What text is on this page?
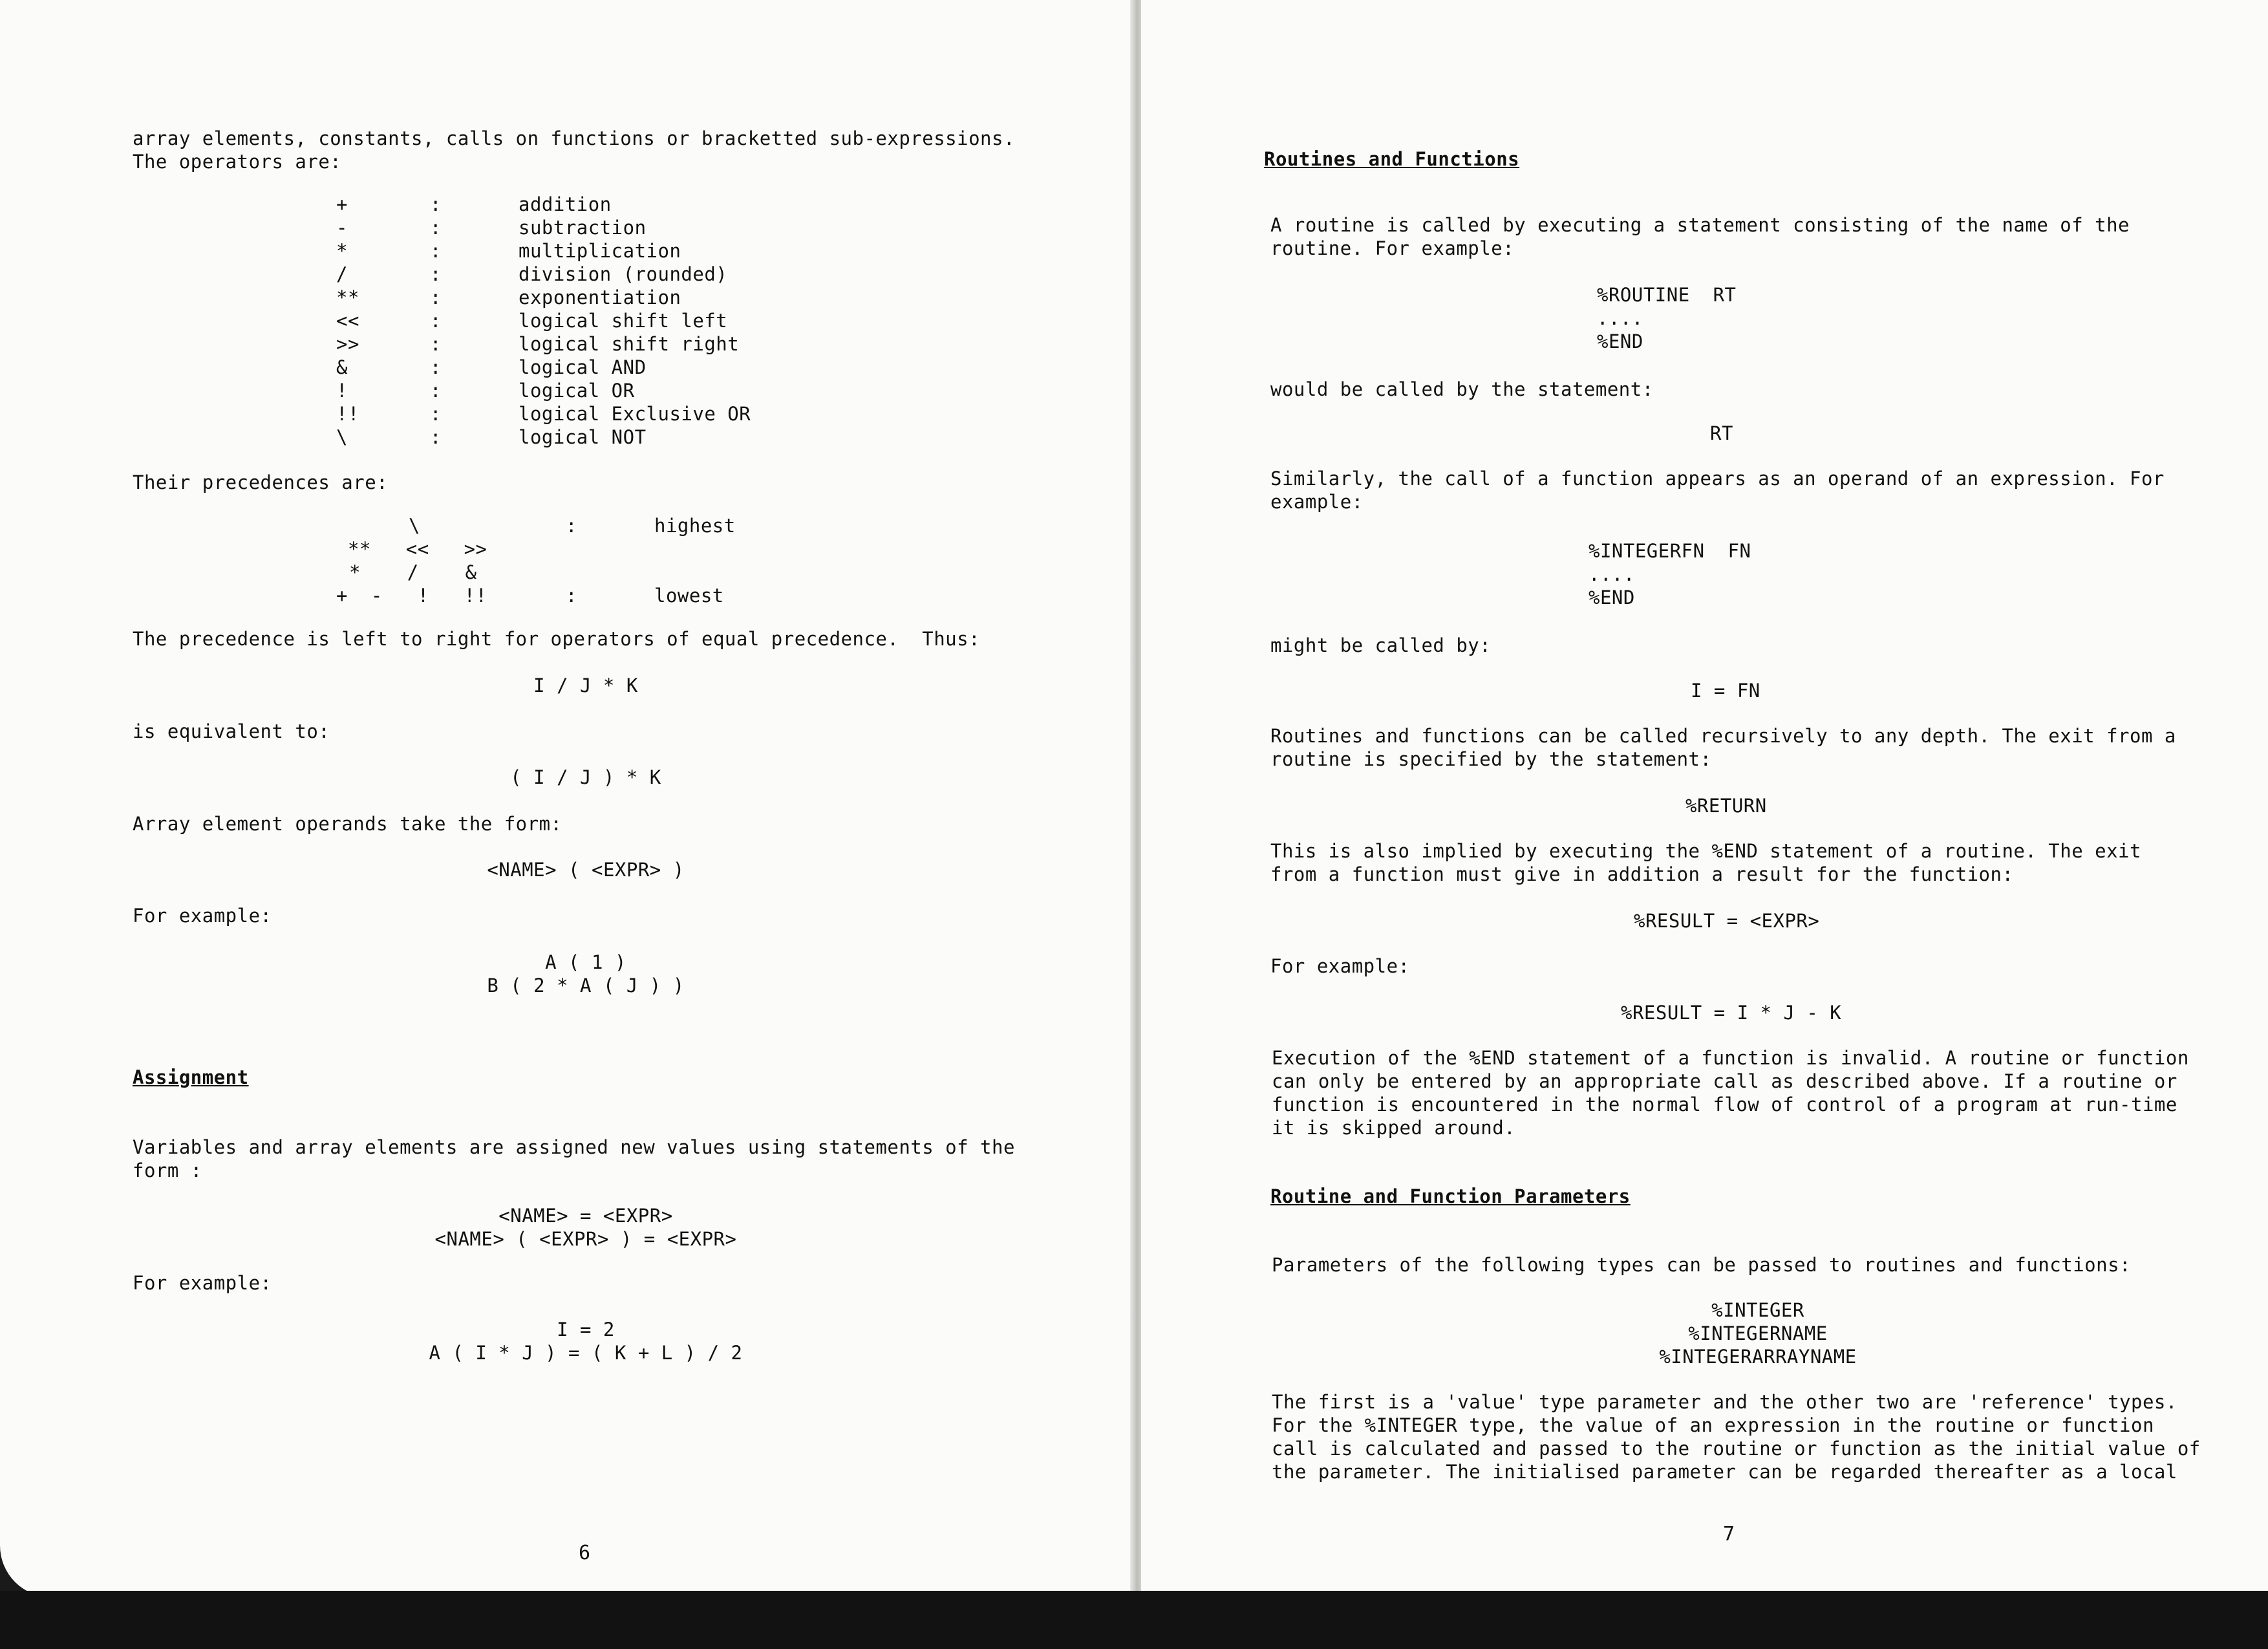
array elements, constants, calls on functions or bracketted sub-expressions.
The operators are:
+	:	addition
-	:	subtraction
*	:	multiplication
/	:	division (rounded)
**	:	exponentiation
<<	:	logical shift left
>>	:	logical shift right
&	:	logical AND
!	:	logical OR
!!	:	logical Exclusive OR
\	:	logical NOT
Their precedences are:
\	:	highest
**   <<   >>
*    /    &
+  -   !   !!	:	lowest
The precedence is left to right for operators of equal precedence.  Thus:
I / J * K
is equivalent to:
( I / J ) * K
Array element operands take the form:
<NAME> ( <EXPR> )
For example:
A ( 1 )
B ( 2 * A ( J ) )
Assignment
Variables and array elements are assigned new values using statements of the
form :
<NAME> = <EXPR>
<NAME> ( <EXPR> ) = <EXPR>
For example:
I = 2
A ( I * J ) = ( K + L ) / 2
6
Routines and Functions
A routine is called by executing a statement consisting of the name of the
routine. For example:
%ROUTINE  RT
....
%END
would be called by the statement:
RT
Similarly, the call of a function appears as an operand of an expression. For
example:
%INTEGERFN  FN
....
%END
might be called by:
I = FN
Routines and functions can be called recursively to any depth. The exit from a
routine is specified by the statement:
%RETURN
This is also implied by executing the %END statement of a routine. The exit
from a function must give in addition a result for the function:
%RESULT = <EXPR>
For example:
%RESULT = I * J - K
Execution of the %END statement of a function is invalid. A routine or function
can only be entered by an appropriate call as described above. If a routine or
function is encountered in the normal flow of control of a program at run-time
it is skipped around.
Routine and Function Parameters
Parameters of the following types can be passed to routines and functions:
%INTEGER
%INTEGERNAME
%INTEGERARRAYNAME
The first is a 'value' type parameter and the other two are 'reference' types.
For the %INTEGER type, the value of an expression in the routine or function
call is calculated and passed to the routine or function as the initial value of
the parameter. The initialised parameter can be regarded thereafter as a local
7
